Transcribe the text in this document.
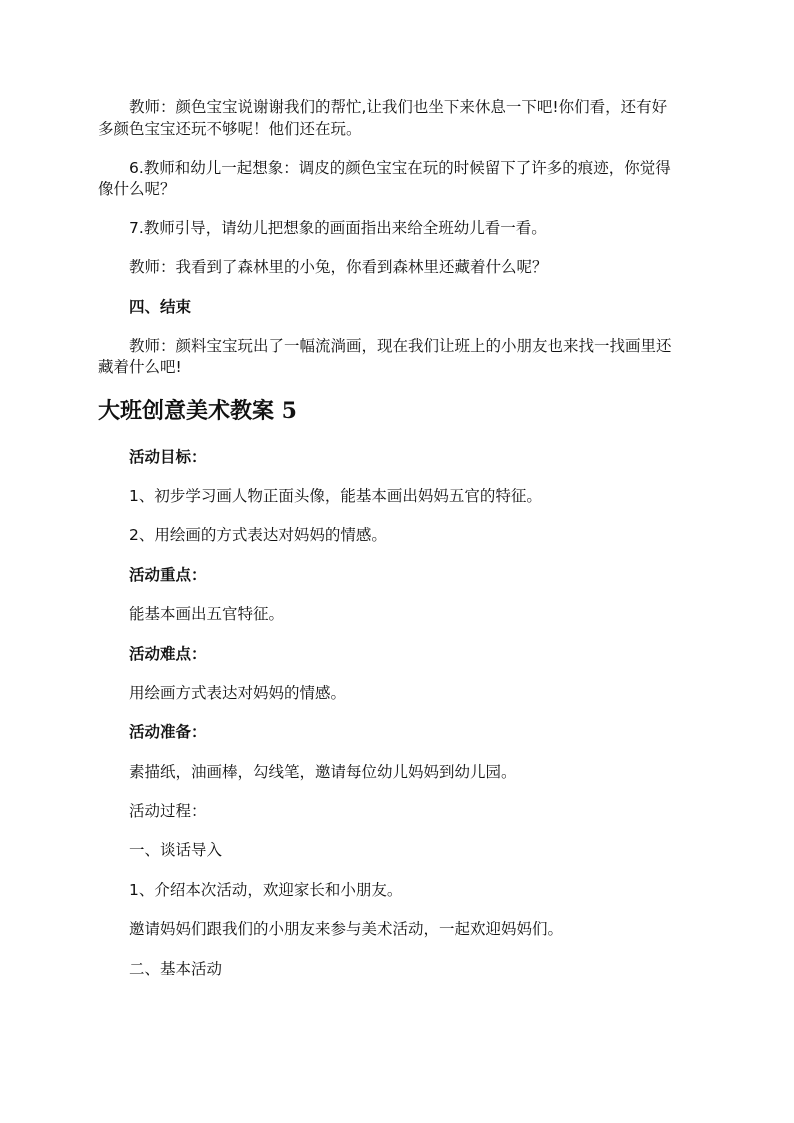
教师：颜色宝宝说谢谢我们的帮忙,让我们也坐下来休息一下吧!你们看，还有好

多颜色宝宝还玩不够呢！他们还在玩。

6.教师和幼儿一起想象：调皮的颜色宝宝在玩的时候留下了许多的痕迹，你觉得

像什么呢？

7.教师引导，请幼儿把想象的画面指出来给全班幼儿看一看。

教师：我看到了森林里的小兔，你看到森林里还藏着什么呢？

四、结束

教师：颜料宝宝玩出了一幅流淌画，现在我们让班上的小朋友也来找一找画里还

藏着什么吧!

大班创意美术教案 5

活动目标：

1、初步学习画人物正面头像，能基本画出妈妈五官的特征。

2、用绘画的方式表达对妈妈的情感。

活动重点：

能基本画出五官特征。

活动难点：

用绘画方式表达对妈妈的情感。

活动准备：

素描纸，油画棒，勾线笔，邀请每位幼儿妈妈到幼儿园。

活动过程：

一、谈话导入

1、介绍本次活动，欢迎家长和小朋友。

邀请妈妈们跟我们的小朋友来参与美术活动，一起欢迎妈妈们。

二、基本活动
